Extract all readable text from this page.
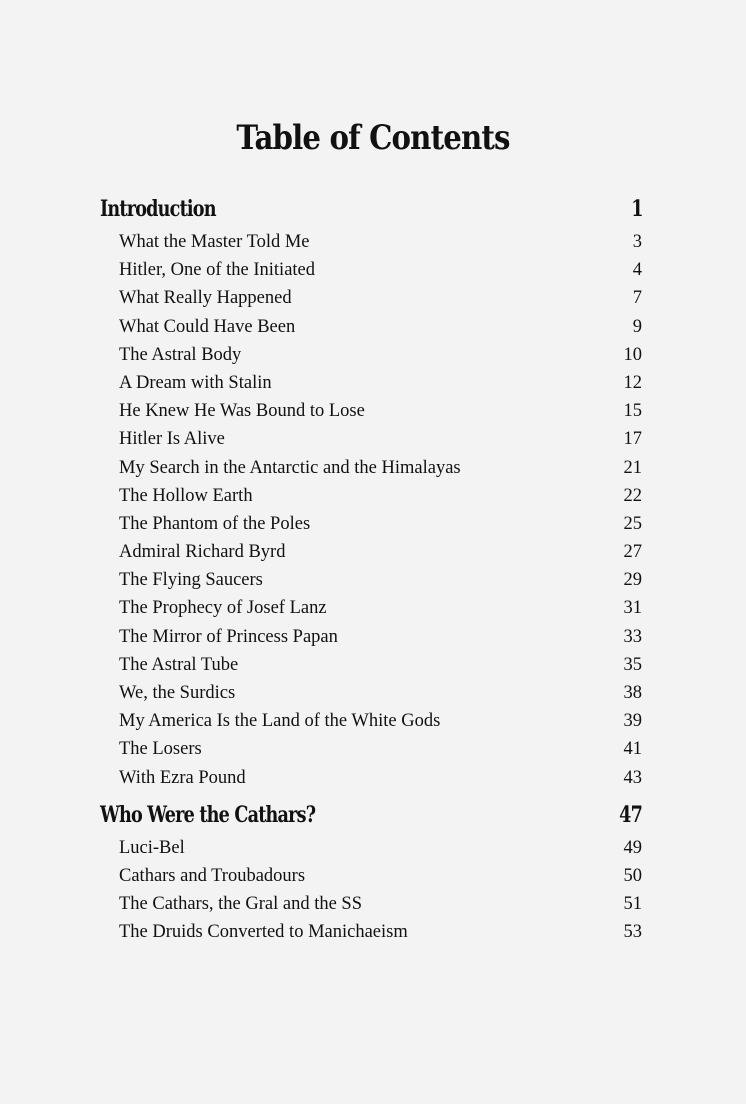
Table of Contents
Introduction	1
What the Master Told Me	3
Hitler, One of the Initiated	4
What Really Happened	7
What Could Have Been	9
The Astral Body	10
A Dream with Stalin	12
He Knew He Was Bound to Lose	15
Hitler Is Alive	17
My Search in the Antarctic and the Himalayas	21
The Hollow Earth	22
The Phantom of the Poles	25
Admiral Richard Byrd	27
The Flying Saucers	29
The Prophecy of Josef Lanz	31
The Mirror of Princess Papan	33
The Astral Tube	35
We, the Surdics	38
My America Is the Land of the White Gods	39
The Losers	41
With Ezra Pound	43
Who Were the Cathars?	47
Luci-Bel	49
Cathars and Troubadours	50
The Cathars, the Gral and the SS	51
The Druids Converted to Manichaeism	53
